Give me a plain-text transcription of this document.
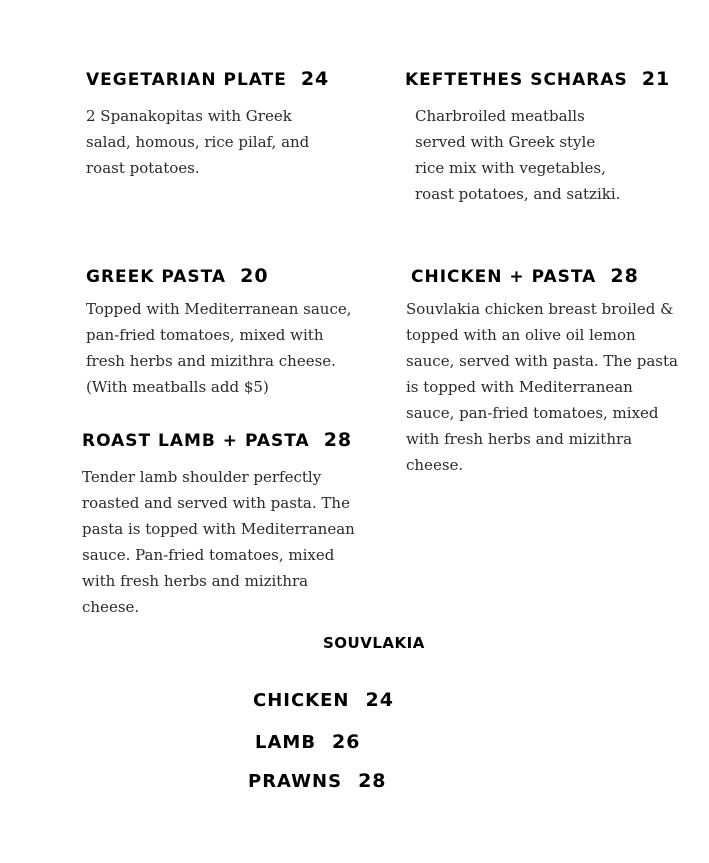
VEGETARIAN PLATE 24
2 Spanakopitas with Greek salad, homous, rice pilaf, and roast potatoes.
KEFTETHES SCHARAS 21
Charbroiled meatballs served with Greek style rice mix with vegetables, roast potatoes, and satziki.
GREEK PASTA 20
Topped with Mediterranean sauce, pan-fried tomatoes, mixed with fresh herbs and mizithra cheese. (With meatballs add $5)
CHICKEN + PASTA 28
Souvlakia chicken breast broiled & topped with an olive oil lemon sauce, served with pasta. The pasta is topped with Mediterranean sauce, pan-fried tomatoes, mixed with fresh herbs and mizithra cheese.
ROAST LAMB + PASTA 28
Tender lamb shoulder perfectly roasted and served with pasta. The pasta is topped with Mediterranean sauce. Pan-fried tomatoes, mixed with fresh herbs and mizithra cheese.
SOUVLAKIA
CHICKEN 24
LAMB 26
PRAWNS 28
